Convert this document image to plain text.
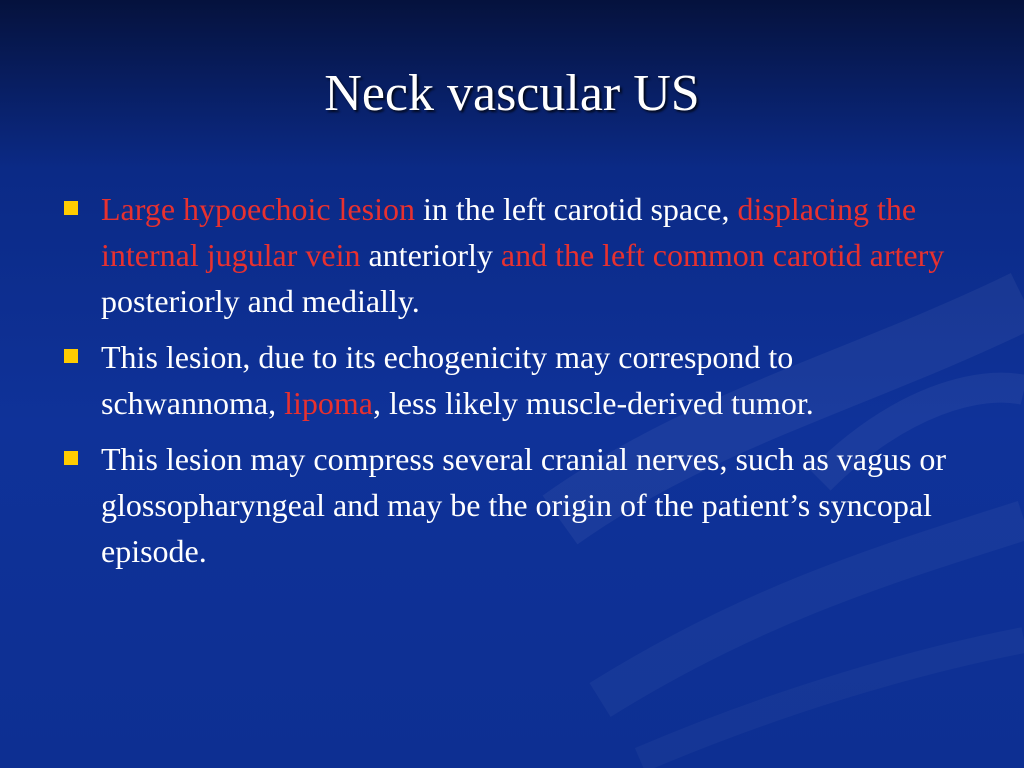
Neck vascular US
Large hypoechoic lesion in the left carotid space, displacing the internal jugular vein anteriorly and the left common carotid artery posteriorly and medially.
This lesion, due to its echogenicity may correspond to schwannoma, lipoma, less likely muscle-derived tumor.
This lesion may compress several cranial nerves, such as vagus or glossopharyngeal and may be the origin of the patient’s syncopal episode.
